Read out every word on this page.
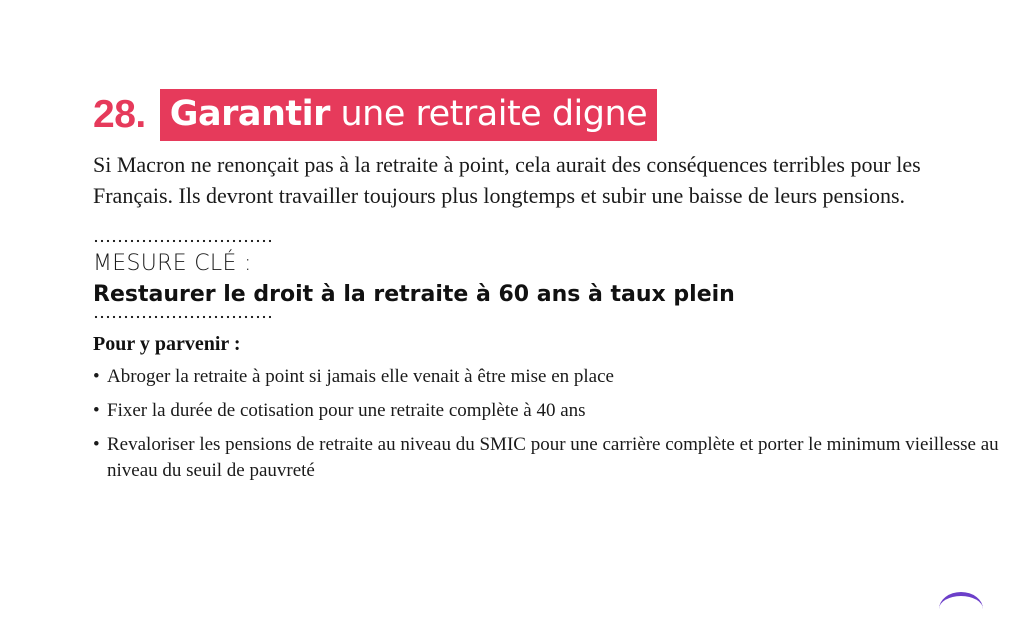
28. Garantir une retraite digne

Si Macron ne renonçait pas à la retraite à point, cela aurait des conséquences terribles pour les Français. Ils devront travailler toujours plus longtemps et subir une baisse de leurs pensions.

MESURE CLÉ :
Restaurer le droit à la retraite à 60 ans à taux plein
Pour y parvenir :
• Abroger la retraite à point si jamais elle venait à être mise en place
• Fixer la durée de cotisation pour une retraite complète à 40 ans
• Revaloriser les pensions de retraite au niveau du SMIC pour une carrière complète et porter le minimum vieillesse au niveau du seuil de pauvreté
